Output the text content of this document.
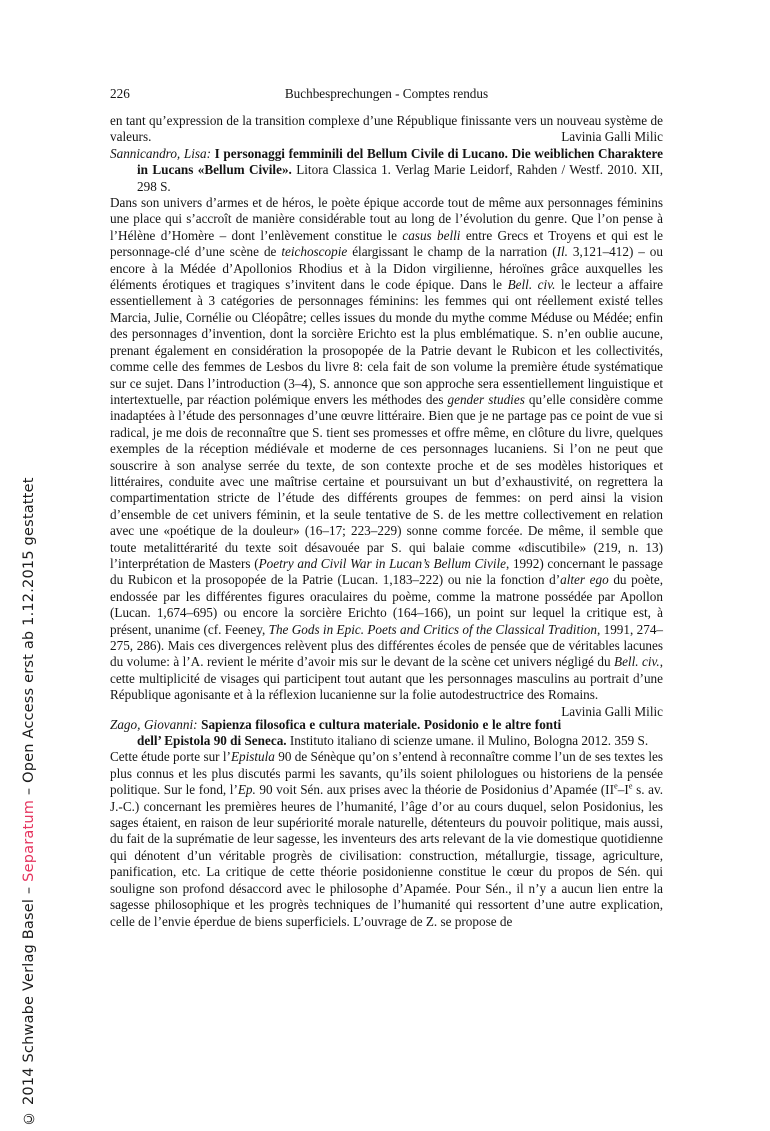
© 2014 Schwabe Verlag Basel – Separatum – Open Access erst ab 1.12.2015 gestattet
226	Buchbesprechungen - Comptes rendus

en tant qu’expression de la transition complexe d’une République finissante vers un nouveau système de valeurs.	Lavinia Galli Milic

Sannicandro, Lisa: I personaggi femminili del Bellum Civile di Lucano. Die weiblichen Charaktere in Lucans «Bellum Civile». Litora Classica 1. Verlag Marie Leidorf, Rahden / Westf. 2010. XII, 298 S.

Dans son univers d’armes et de héros, le poète épique accorde tout de même aux personnages féminins une place qui s’accroît de manière considérable tout au long de l’évolution du genre. Que l’on pense à l’Hélène d’Homère – dont l’enlèvement constitue le casus belli entre Grecs et Troyens et qui est le personnage-clé d’une scène de teichoscopie élargissant le champ de la narration (Il. 3,121–412) – ou encore à la Médée d’Apollonios Rhodius et à la Didon virgilienne, héroïnes grâce auxquelles les éléments érotiques et tragiques s’invitent dans le code épique. Dans le Bell. civ. le lecteur a affaire essentiellement à 3 catégories de personnages féminins: les femmes qui ont réellement existé telles Marcia, Julie, Cornélie ou Cléopâtre; celles issues du monde du mythe comme Méduse ou Médée; enfin des personnages d’invention, dont la sorcière Erichto est la plus emblématique. S. n’en oublie aucune, prenant également en considération la prosopopée de la Patrie devant le Rubicon et les collectivités, comme celle des femmes de Lesbos du livre 8: cela fait de son volume la première étude systématique sur ce sujet. Dans l’introduction (3–4), S. annonce que son approche sera essentiellement linguistique et intertextuelle, par réaction polémique envers les méthodes des gender studies qu’elle considère comme inadaptées à l’étude des personnages d’une œuvre littéraire. Bien que je ne partage pas ce point de vue si radical, je me dois de reconnaître que S. tient ses promesses et offre même, en clôture du livre, quelques exemples de la réception médiévale et moderne de ces personnages lucaniens. Si l’on ne peut que souscrire à son analyse serrée du texte, de son contexte proche et de ses modèles historiques et littéraires, conduite avec une maîtrise certaine et poursuivant un but d’exhaustivité, on regrettera la compartimentation stricte de l’étude des différents groupes de femmes: on perd ainsi la vision d’ensemble de cet univers féminin, et la seule tentative de S. de les mettre collectivement en relation avec une «poétique de la douleur» (16–17; 223–229) sonne comme forcée. De même, il semble que toute metalittérarité du texte soit désavouée par S. qui balaie comme «discutibile» (219, n. 13) l’interprétation de Masters (Poetry and Civil War in Lucan’s Bellum Civile, 1992) concernant le passage du Rubicon et la prosopopée de la Patrie (Lucan. 1,183–222) ou nie la fonction d’alter ego du poète, endossée par les différentes figures oraculaires du poème, comme la matrone possédée par Apollon (Lucan. 1,674–695) ou encore la sorcière Erichto (164–166), un point sur lequel la critique est, à présent, unanime (cf. Feeney, The Gods in Epic. Poets and Critics of the Classical Tradition, 1991, 274–275, 286). Mais ces divergences relèvent plus des différentes écoles de pensée que de véritables lacunes du volume: à l’A. revient le mérite d’avoir mis sur le devant de la scène cet univers négligé du Bell. civ., cette multiplicité de visages qui participent tout autant que les personnages masculins au portrait d’une République agonisante et à la réflexion lucanienne sur la folie autodestructrice des Romains.
Lavinia Galli Milic

Zago, Giovanni: Sapienza filosofica e cultura materiale. Posidonio e le altre fonti dell’ Epistola 90 di Seneca. Instituto italiano di scienze umane. il Mulino, Bologna 2012. 359 S.

Cette étude porte sur l’Epistula 90 de Sénèque qu’on s’entend à reconnaître comme l’un de ses textes les plus connus et les plus discutés parmi les savants, qu’ils soient philologues ou historiens de la pensée politique. Sur le fond, l’Ep. 90 voit Sén. aux prises avec la théorie de Posidonius d’Apamée (IIe–Ie s. av. J.-C.) concernant les premières heures de l’humanité, l’âge d’or au cours duquel, selon Posidonius, les sages étaient, en raison de leur supériorité morale naturelle, détenteurs du pouvoir politique, mais aussi, du fait de la suprématie de leur sagesse, les inventeurs des arts relevant de la vie domestique quotidienne qui dénotent d’un véritable progrès de civilisation: construction, métallurgie, tissage, agriculture, panification, etc. La critique de cette théorie posidonienne constitue le cœur du propos de Sén. qui souligne son profond désaccord avec le philosophe d’Apamée. Pour Sén., il n’y a aucun lien entre la sagesse philosophique et les progrès techniques de l’humanité qui ressortent d’une autre explication, celle de l’envie éperdue de biens superficiels. L’ouvrage de Z. se propose de
